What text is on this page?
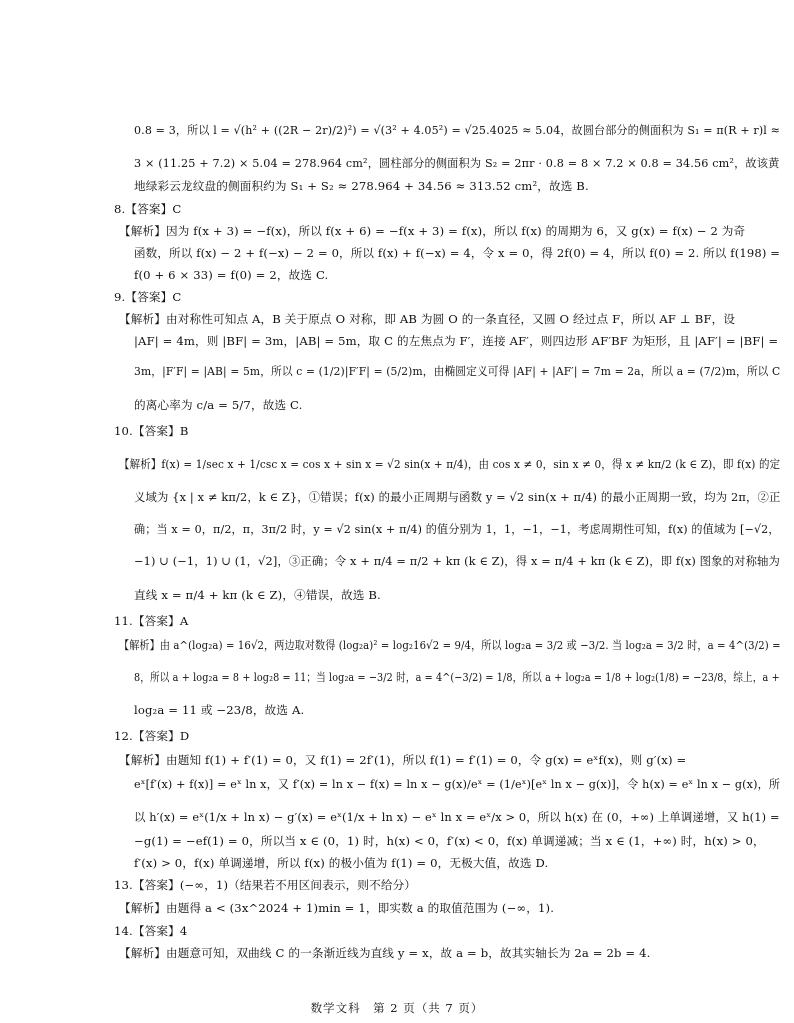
0.8 = 3，所以 l = √(h² + ((2R − 2r)/2)²) = √(3² + 4.05²) = √25.4025 ≈ 5.04，故圆台部分的侧面积为 S₁ = π(R + r)l ≈
3 × (11.25 + 7.2) × 5.04 = 278.964 cm²，圆柱部分的侧面积为 S₂ = 2πr · 0.8 = 8 × 7.2 × 0.8 = 34.56 cm²，故该黄
地绿彩云龙纹盘的侧面积约为 S₁ + S₂ ≈ 278.964 + 34.56 ≈ 313.52 cm²，故选 B.
8.【答案】C
【解析】因为 f(x + 3) = −f(x)，所以 f(x + 6) = −f(x + 3) = f(x)，所以 f(x) 的周期为 6，又 g(x) = f(x) − 2 为奇
函数，所以 f(x) − 2 + f(−x) − 2 = 0，所以 f(x) + f(−x) = 4，令 x = 0，得 2f(0) = 4，所以 f(0) = 2. 所以 f(198) =
f(0 + 6 × 33) = f(0) = 2，故选 C.
9.【答案】C
【解析】由对称性可知点 A，B 关于原点 O 对称，即 AB 为圆 O 的一条直径，又圆 O 经过点 F，所以 AF ⊥ BF，设
|AF| = 4m，则 |BF| = 3m，|AB| = 5m，取 C 的左焦点为 F′，连接 AF′，则四边形 AF′BF 为矩形，且 |AF′| = |BF| =
3m，|F′F| = |AB| = 5m，所以 c = (1/2)|F′F| = (5/2)m，由椭圆定义可得 |AF| + |AF′| = 7m = 2a，所以 a = (7/2)m，所以 C
的离心率为 c/a = 5/7，故选 C.
10.【答案】B
【解析】f(x) = 1/sec x + 1/csc x = cos x + sin x = √2 sin(x + π/4)，由 cos x ≠ 0，sin x ≠ 0，得 x ≠ kπ/2 (k ∈ Z)，即 f(x) 的定
义域为 {x | x ≠ kπ/2，k ∈ Z}，①错误；f(x) 的最小正周期与函数 y = √2 sin(x + π/4) 的最小正周期一致，均为 2π，②正
确；当 x = 0，π/2，π，3π/2 时，y = √2 sin(x + π/4) 的值分别为 1，1，−1，−1，考虑周期性可知，f(x) 的值域为 [−√2，
−1) ∪ (−1，1) ∪ (1，√2]，③正确；令 x + π/4 = π/2 + kπ (k ∈ Z)，得 x = π/4 + kπ (k ∈ Z)，即 f(x) 图象的对称轴为
直线 x = π/4 + kπ (k ∈ Z)，④错误，故选 B.
11.【答案】A
【解析】由 a^(log₂a) = 16√2，两边取对数得 (log₂a)² = log₂16√2 = 9/4，所以 log₂a = 3/2 或 −3/2. 当 log₂a = 3/2 时，a = 4^(3/2) =
8，所以 a + log₂a = 8 + log₂8 = 11；当 log₂a = −3/2 时，a = 4^(−3/2) = 1/8，所以 a + log₂a = 1/8 + log₂(1/8) = −23/8，综上，a +
log₂a = 11 或 −23/8，故选 A.
12.【答案】D
【解析】由题知 f(1) + f′(1) = 0，又 f(1) = 2f′(1)，所以 f(1) = f′(1) = 0，令 g(x) = eˣf(x)，则 g′(x) =
eˣ[f′(x) + f(x)] = eˣ ln x，又 f′(x) = ln x − f(x) = ln x − g(x)/eˣ = (1/eˣ)[eˣ ln x − g(x)]，令 h(x) = eˣ ln x − g(x)，所
以 h′(x) = eˣ(1/x + ln x) − g′(x) = eˣ(1/x + ln x) − eˣ ln x = eˣ/x > 0，所以 h(x) 在 (0，+∞) 上单调递增，又 h(1) =
−g(1) = −ef(1) = 0，所以当 x ∈ (0，1) 时，h(x) < 0，f′(x) < 0，f(x) 单调递减；当 x ∈ (1，+∞) 时，h(x) > 0，
f′(x) > 0，f(x) 单调递增，所以 f(x) 的极小值为 f(1) = 0，无极大值，故选 D.
13.【答案】(−∞，1)（结果若不用区间表示，则不给分）
【解析】由题得 a < (3x^2024 + 1)min = 1，即实数 a 的取值范围为 (−∞，1).
14.【答案】4
【解析】由题意可知，双曲线 C 的一条渐近线为直线 y = x，故 a = b，故其实轴长为 2a = 2b = 4.
数学文科　第 2 页（共 7 页）
